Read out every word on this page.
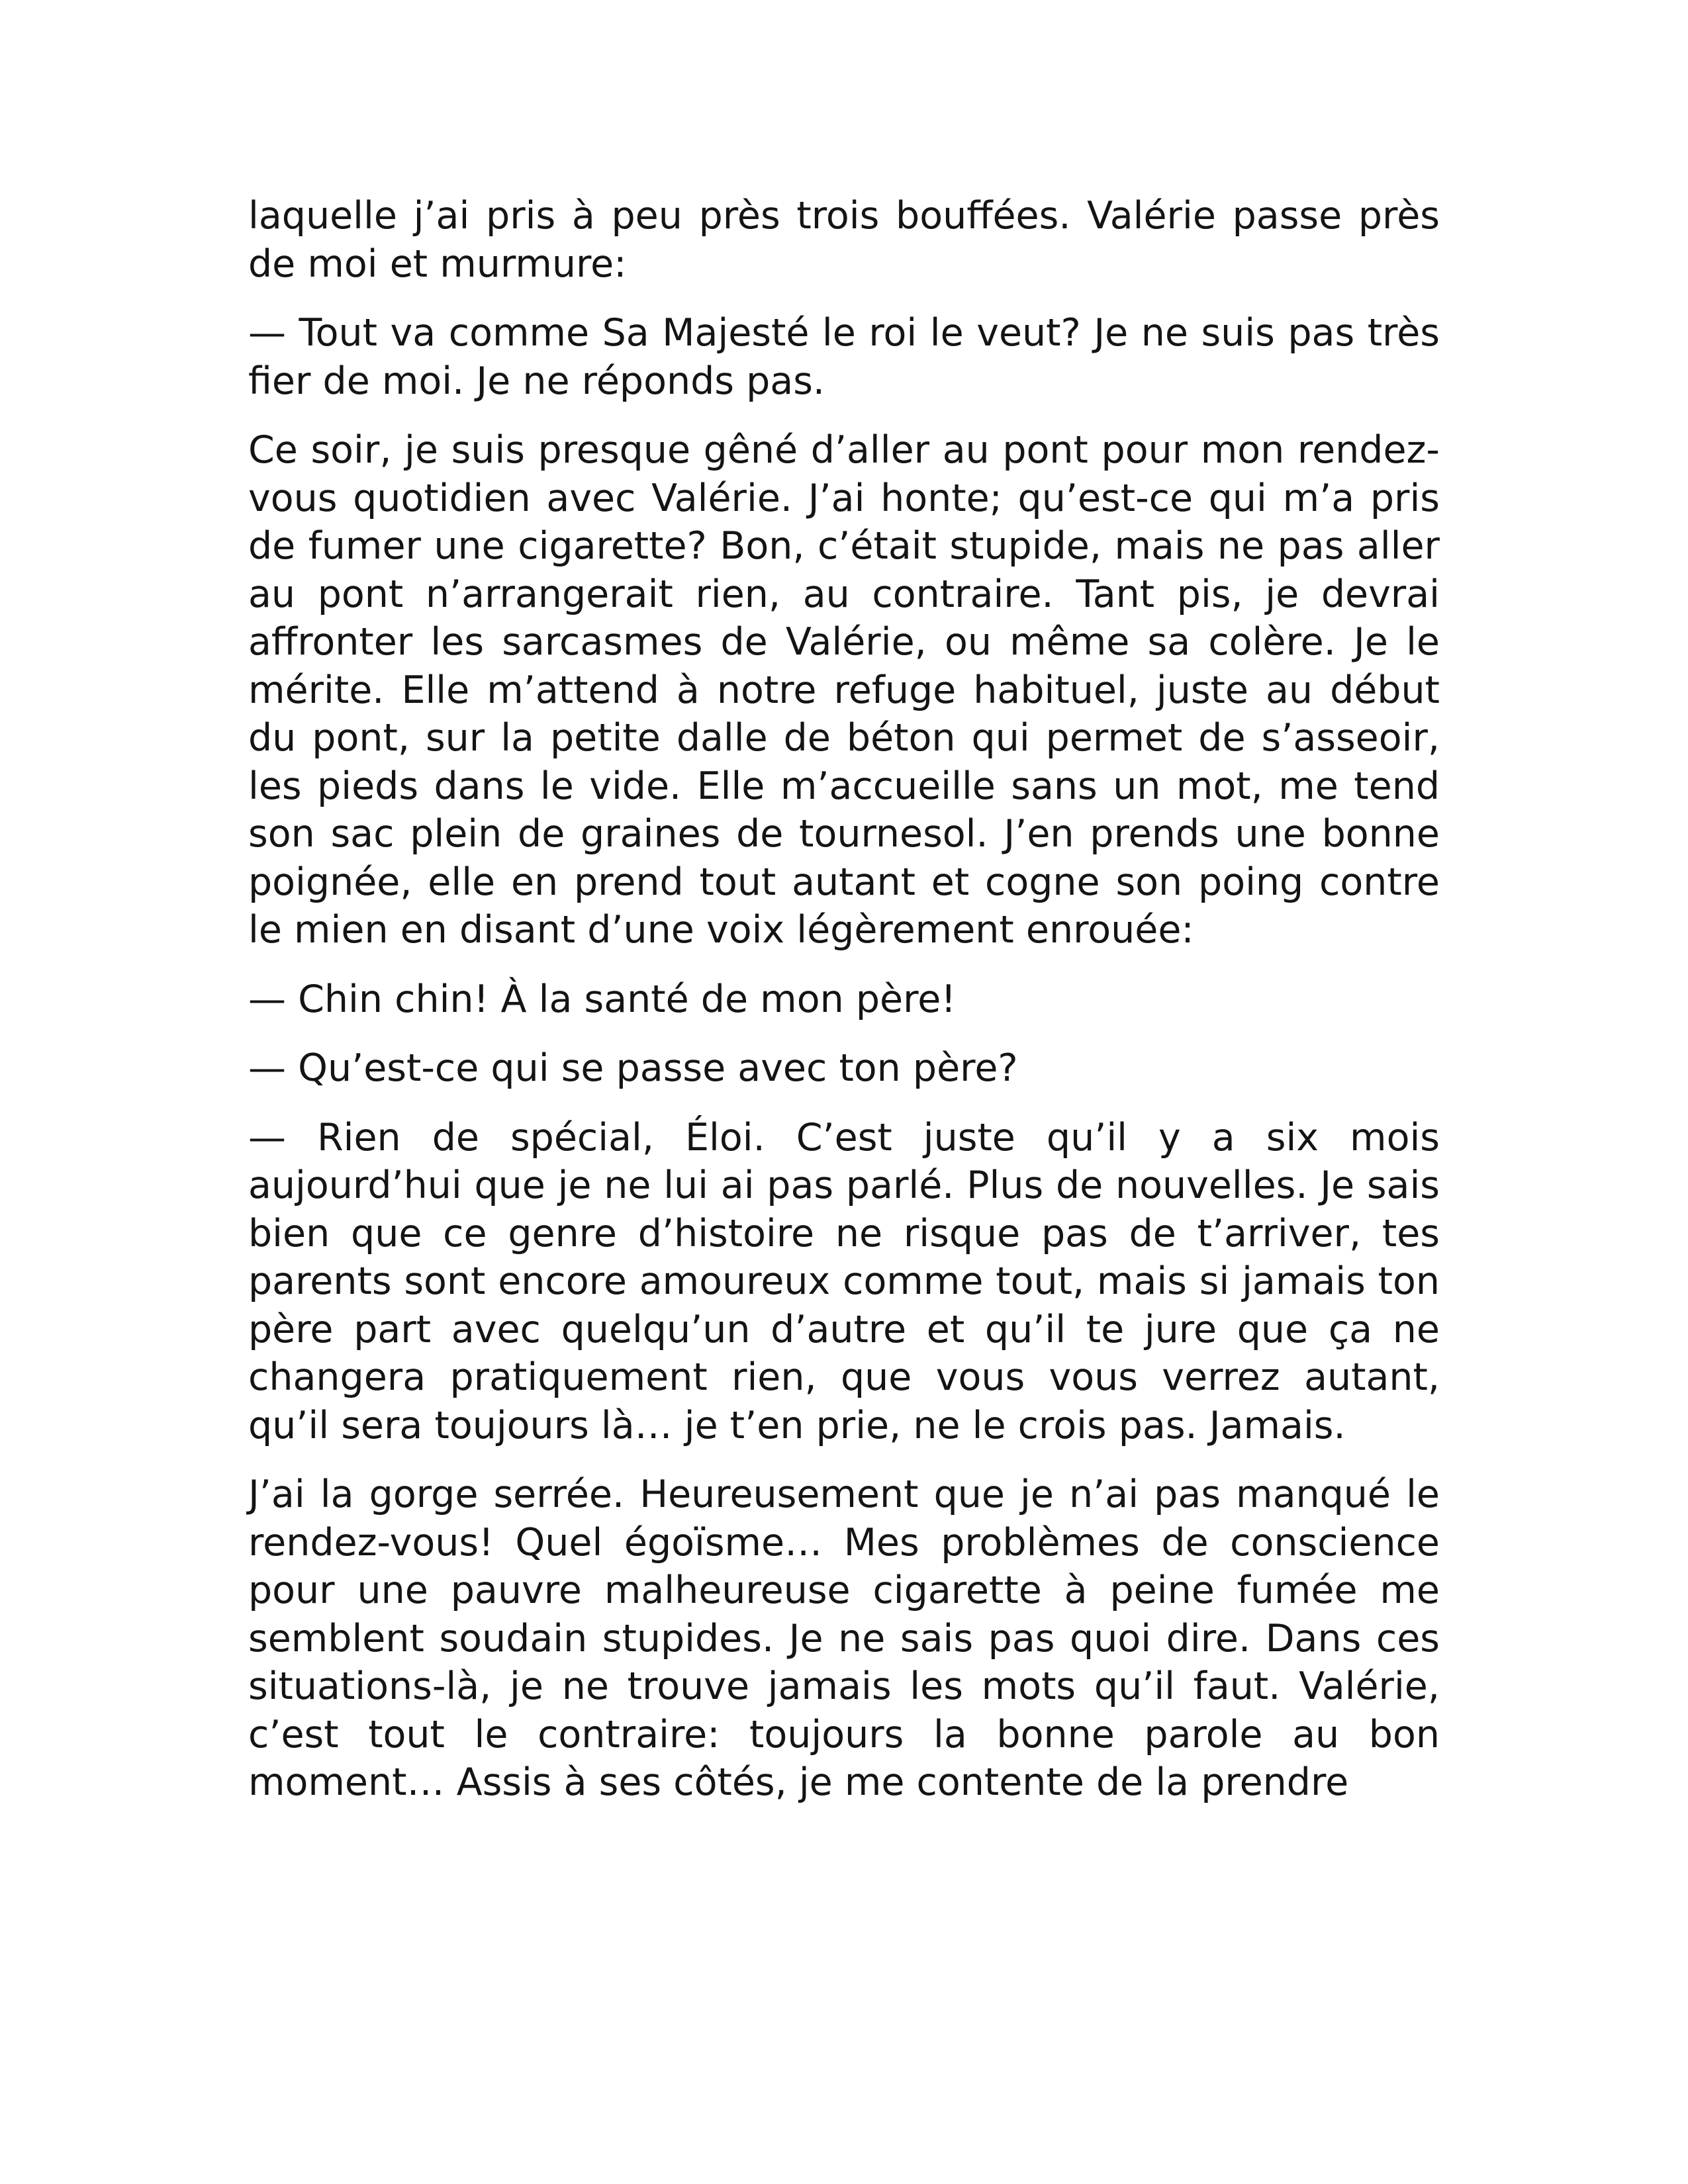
laquelle j’ai pris à peu près trois bouffées. Valérie passe près de moi et murmure:

— Tout va comme Sa Majesté le roi le veut? Je ne suis pas très fier de moi. Je ne réponds pas.

Ce soir, je suis presque gêné d’aller au pont pour mon rendez-vous quotidien avec Valérie. J’ai honte; qu’est-ce qui m’a pris de fumer une cigarette? Bon, c’était stupide, mais ne pas aller au pont n’arrangerait rien, au contraire. Tant pis, je devrai affronter les sarcasmes de Valérie, ou même sa colère. Je le mérite. Elle m’attend à notre refuge habituel, juste au début du pont, sur la petite dalle de béton qui permet de s’asseoir, les pieds dans le vide. Elle m’accueille sans un mot, me tend son sac plein de graines de tournesol. J’en prends une bonne poignée, elle en prend tout autant et cogne son poing contre le mien en disant d’une voix légèrement enrouée:

— Chin chin! À la santé de mon père!

— Qu’est-ce qui se passe avec ton père?

— Rien de spécial, Éloi. C’est juste qu’il y a six mois aujourd’hui que je ne lui ai pas parlé. Plus de nouvelles. Je sais bien que ce genre d’histoire ne risque pas de t’arriver, tes parents sont encore amoureux comme tout, mais si jamais ton père part avec quelqu’un d’autre et qu’il te jure que ça ne changera pratiquement rien, que vous vous verrez autant, qu’il sera toujours là… je t’en prie, ne le crois pas. Jamais.

J’ai la gorge serrée. Heureusement que je n’ai pas manqué le rendez-vous! Quel égoïsme… Mes problèmes de conscience pour une pauvre malheureuse cigarette à peine fumée me semblent soudain stupides. Je ne sais pas quoi dire. Dans ces situations-là, je ne trouve jamais les mots qu’il faut. Valérie, c’est tout le contraire: toujours la bonne parole au bon moment… Assis à ses côtés, je me contente de la prendre
